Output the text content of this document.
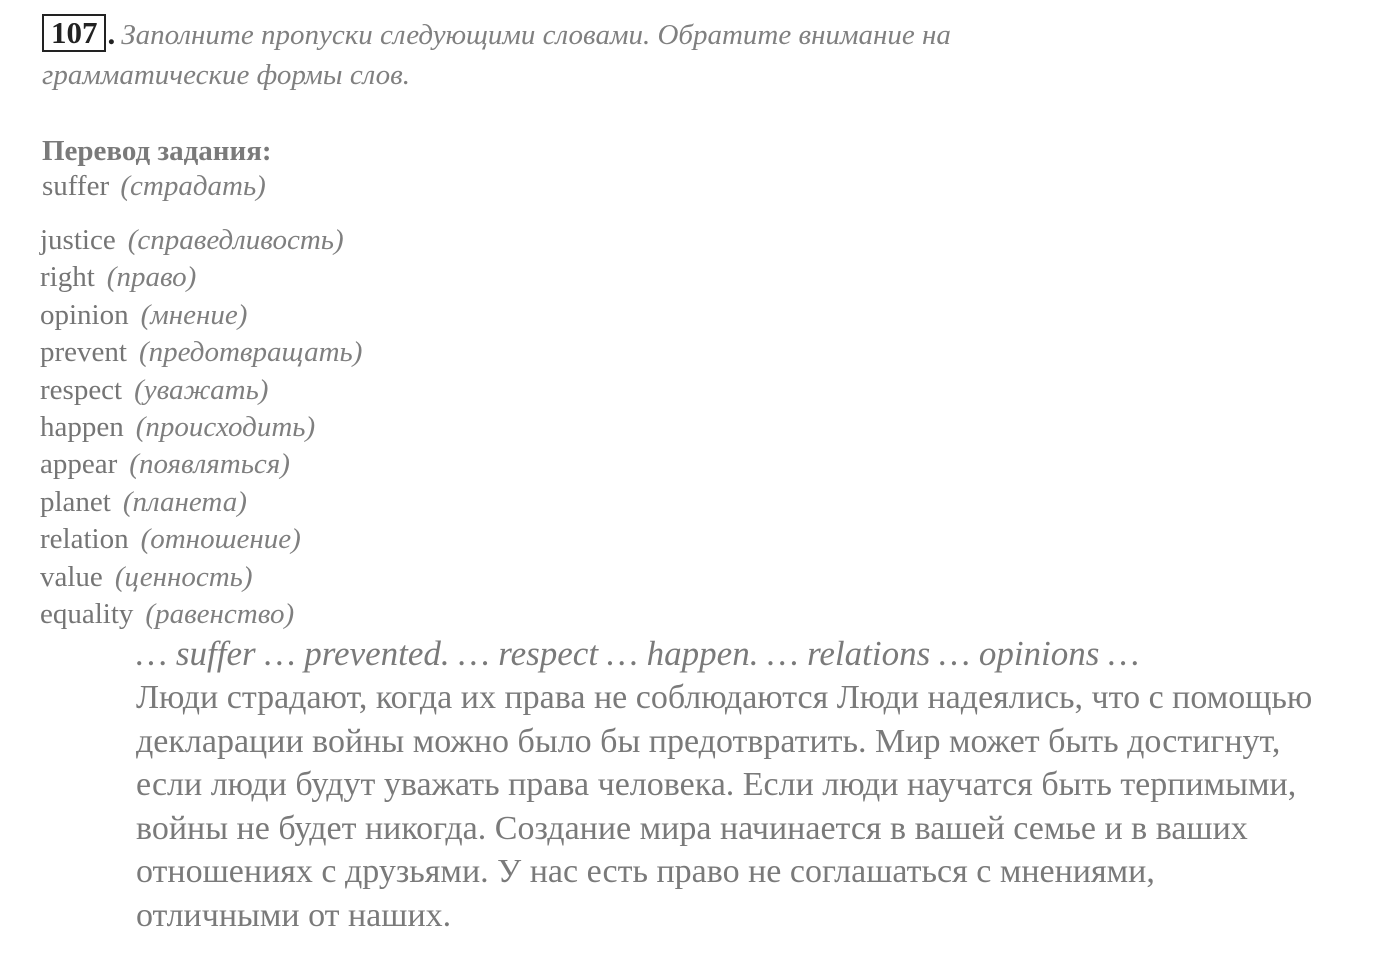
107 . Заполните пропуски следующими словами. Обратите внимание на грамматические формы слов.
Перевод задания:
suffer (страдать)
justice (справедливость)
right (право)
opinion (мнение)
prevent (предотвращать)
respect (уважать)
happen (происходить)
appear (появляться)
planet (планета)
relation (отношение)
value (ценность)
equality (равенство)
… suffer … prevented. … respect … happen. … relations … opinions …

Люди страдают, когда их права не соблюдаются Люди надеялись, что с помощью декларации войны можно было бы предотвратить. Мир может быть достигнут, если люди будут уважать права человека. Если люди научатся быть терпимыми, войны не будет никогда. Создание мира начинается в вашей семье и в ваших отношениях с друзьями. У нас есть право не соглашаться с мнениями, отличными от наших.
